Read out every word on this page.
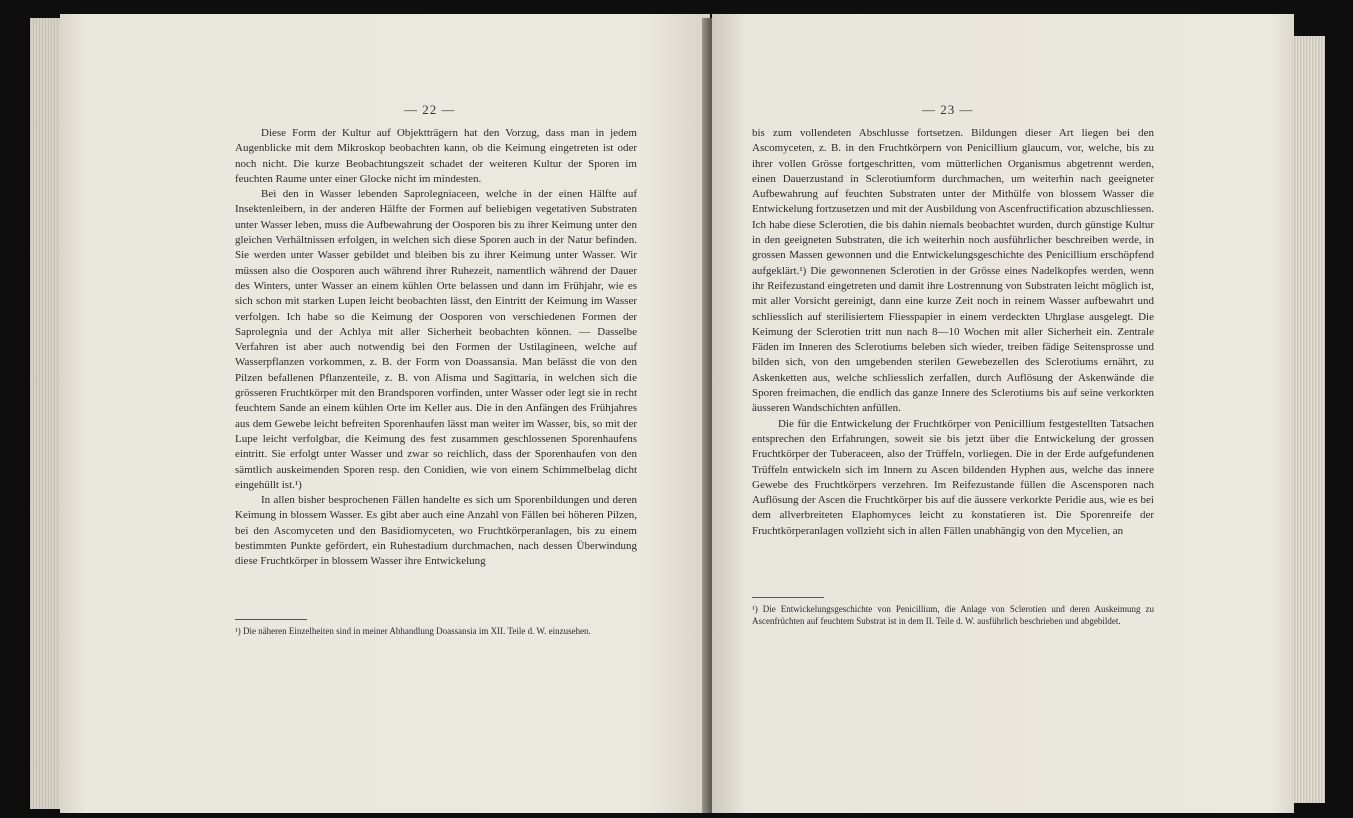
— 22 —

Diese Form der Kultur auf Objektträgern hat den Vorzug, dass man in jedem Augenblicke mit dem Mikroskop beobachten kann, ob die Keimung eingetreten ist oder noch nicht. Die kurze Beobachtungszeit schadet der weiteren Kultur der Sporen im feuchten Raume unter einer Glocke nicht im mindesten.

Bei den in Wasser lebenden Saprolegniaceen, welche in der einen Hälfte auf Insektenleibern, in der anderen Hälfte der Formen auf beliebigen vegetativen Substraten unter Wasser leben, muss die Aufbewahrung der Oosporen bis zu ihrer Keimung unter den gleichen Verhältnissen erfolgen, in welchen sich diese Sporen auch in der Natur befinden. Sie werden unter Wasser gebildet und bleiben bis zu ihrer Keimung unter Wasser. Wir müssen also die Oosporen auch während ihrer Ruhezeit, namentlich während der Dauer des Winters, unter Wasser an einem kühlen Orte belassen und dann im Frühjahr, wie es sich schon mit starken Lupen leicht beobachten lässt, den Eintritt der Keimung im Wasser verfolgen. Ich habe so die Keimung der Oosporen von verschiedenen Formen der Saprolegnia und der Achlya mit aller Sicherheit beobachten können. — Dasselbe Verfahren ist aber auch notwendig bei den Formen der Ustilagineen, welche auf Wasserpflanzen vorkommen, z. B. der Form von Doassansia. Man belässt die von den Pilzen befallenen Pflanzenteile, z. B. von Alisma und Sagittaria, in welchen sich die grösseren Fruchtkörper mit den Brandsporen vorfinden, unter Wasser oder legt sie in recht feuchtem Sande an einem kühlen Orte im Keller aus. Die in den Anfängen des Frühjahres aus dem Gewebe leicht befreiten Sporenhaufen lässt man weiter im Wasser, bis, so mit der Lupe leicht verfolgbar, die Keimung des fest zusammen geschlossenen Sporenhaufens eintritt. Sie erfolgt unter Wasser und zwar so reichlich, dass der Sporenhaufen von den sämtlich auskeimenden Sporen resp. den Conidien, wie von einem Schimmelbelag dicht eingehüllt ist.¹)

In allen bisher besprochenen Fällen handelte es sich um Sporenbildungen und deren Keimung in blossem Wasser. Es gibt aber auch eine Anzahl von Fällen bei höheren Pilzen, bei den Ascomyceten und den Basidiomyceten, wo Fruchtkörperanlagen, bis zu einem bestimmten Punkte gefördert, ein Ruhestadium durchmachen, nach dessen Überwindung diese Fruchtkörper in blossem Wasser ihre Entwickelung

¹) Die näheren Einzelheiten sind in meiner Abhandlung Doassansia im XII. Teile d. W. einzusehen.
— 23 —

bis zum vollendeten Abschlusse fortsetzen. Bildungen dieser Art liegen bei den Ascomyceten, z. B. in den Fruchtkörpern von Penicillium glaucum, vor, welche, bis zu ihrer vollen Grösse fortgeschritten, vom mütterlichen Organismus abgetrennt werden, einen Dauerzustand in Sclerotiumform durchmachen, um weiterhin nach geeigneter Aufbewahrung auf feuchten Substraten unter der Mithülfe von blossem Wasser die Entwickelung fortzusetzen und mit der Ausbildung von Ascenfructification abzuschliessen. Ich habe diese Sclerotien, die bis dahin niemals beobachtet wurden, durch günstige Kultur in den geeigneten Substraten, die ich weiterhin noch ausführlicher beschreiben werde, in grossen Massen gewonnen und die Entwickelungsgeschichte des Penicillium erschöpfend aufgeklärt.¹) Die gewonnenen Sclerotien in der Grösse eines Nadelkopfes werden, wenn ihr Reifezustand eingetreten und damit ihre Lostrennung von Substraten leicht möglich ist, mit aller Vorsicht gereinigt, dann eine kurze Zeit noch in reinem Wasser aufbewahrt und schliesslich auf sterilisiertem Fliesspapier in einem verdeckten Uhrglase ausgelegt. Die Keimung der Sclerotien tritt nun nach 8—10 Wochen mit aller Sicherheit ein. Zentrale Fäden im Inneren des Sclerotiums beleben sich wieder, treiben fädige Seitensprosse und bilden sich, von den umgebenden sterilen Gewebezellen des Sclerotiums ernährt, zu Askenketten aus, welche schliesslich zerfallen, durch Auflösung der Askenwände die Sporen freimachen, die endlich das ganze Innere des Sclerotiums bis auf seine verkorkten äusseren Wandschichten anfüllen.

Die für die Entwickelung der Fruchtkörper von Penicillium festgestellten Tatsachen entsprechen den Erfahrungen, soweit sie bis jetzt über die Entwickelung der grossen Fruchtkörper der Tuberaceen, also der Trüffeln, vorliegen. Die in der Erde aufgefundenen Trüffeln entwickeln sich im Innern zu Ascen bildenden Hyphen aus, welche das innere Gewebe des Fruchtkörpers verzehren. Im Reifezustande füllen die Ascensporen nach Auflösung der Ascen die Fruchtkörper bis auf die äussere verkorkte Peridie aus, wie es bei dem allverbreiteten Elaphomyces leicht zu konstatieren ist. Die Sporenreife der Fruchtkörperanlagen vollzieht sich in allen Fällen unabhängig von den Mycelien, an

¹) Die Entwickelungsgeschichte von Penicillium, die Anlage von Sclerotien und deren Auskeimung zu Ascenfrüchten auf feuchtem Substrat ist in dem II. Teile d. W. ausführlich beschrieben und abgebildet.
